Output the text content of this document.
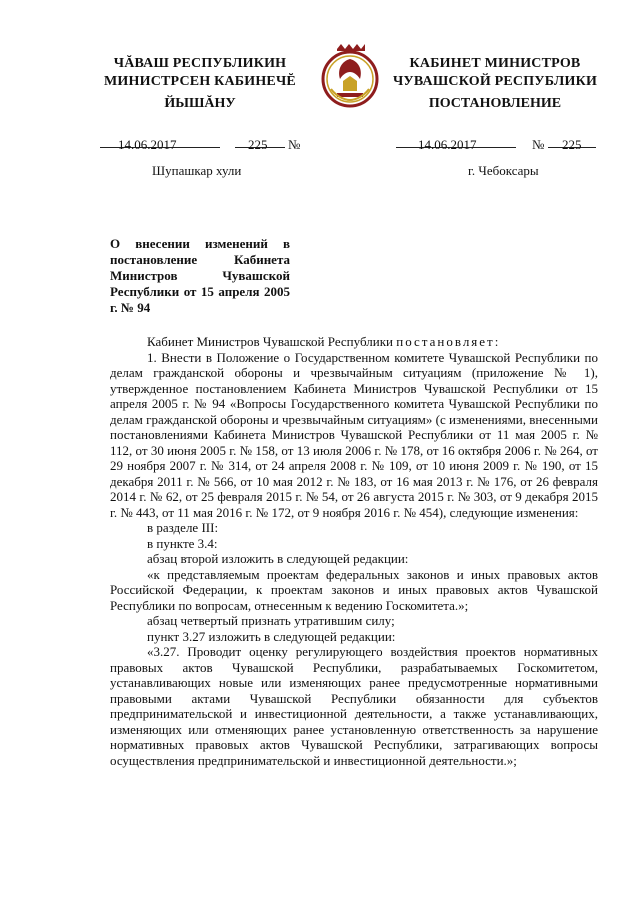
ЧĂВАШ РЕСПУБЛИКИН
МИНИСТРСЕН КАБИНЕЧĔ
ЙЫШĂНУ
КАБИНЕТ МИНИСТРОВ
ЧУВАШСКОЙ РЕСПУБЛИКИ
ПОСТАНОВЛЕНИЕ
14.06.2017	225 №	14.06.2017	№ 225
Шупашкар хули	г. Чебоксары
О внесении изменений в постановление Кабинета Министров Чувашской Республики от 15 апреля 2005 г. № 94

Кабинет Министров Чувашской Республики постановляет:

1. Внести в Положение о Государственном комитете Чувашской Республики по делам гражданской обороны и чрезвычайным ситуациям (приложение № 1), утвержденное постановлением Кабинета Министров Чувашской Республики от 15 апреля 2005 г. № 94 «Вопросы Государственного комитета Чувашской Республики по делам гражданской обороны и чрезвычайным ситуациям» (с изменениями, внесенными постановлениями Кабинета Министров Чувашской Республики от 11 мая 2005 г. № 112, от 30 июня 2005 г. № 158, от 13 июля 2006 г. № 178, от 16 октября 2006 г. № 264, от 29 ноября 2007 г. № 314, от 24 апреля 2008 г. № 109, от 10 июня 2009 г. № 190, от 15 декабря 2011 г. № 566, от 10 мая 2012 г. № 183, от 16 мая 2013 г. № 176, от 26 февраля 2014 г. № 62, от 25 февраля 2015 г. № 54, от 26 августа 2015 г. № 303, от 9 декабря 2015 г. № 443, от 11 мая 2016 г. № 172, от 9 ноября 2016 г. № 454), следующие изменения:

в разделе III:

в пункте 3.4:

абзац второй изложить в следующей редакции:

«к представляемым проектам федеральных законов и иных правовых актов Российской Федерации, к проектам законов и иных правовых актов Чувашской Республики по вопросам, отнесенным к ведению Госкомитета.»;

абзац четвертый признать утратившим силу;

пункт 3.27 изложить в следующей редакции:

«3.27. Проводит оценку регулирующего воздействия проектов нормативных правовых актов Чувашской Республики, разрабатываемых Госкомитетом, устанавливающих новые или изменяющих ранее предусмотренные нормативными правовыми актами Чувашской Республики обязанности для субъектов предпринимательской и инвестиционной деятельности, а также устанавливающих, изменяющих или отменяющих ранее установленную ответственность за нарушение нормативных правовых актов Чувашской Республики, затрагивающих вопросы осуществления предпринимательской и инвестиционной деятельности.»;
